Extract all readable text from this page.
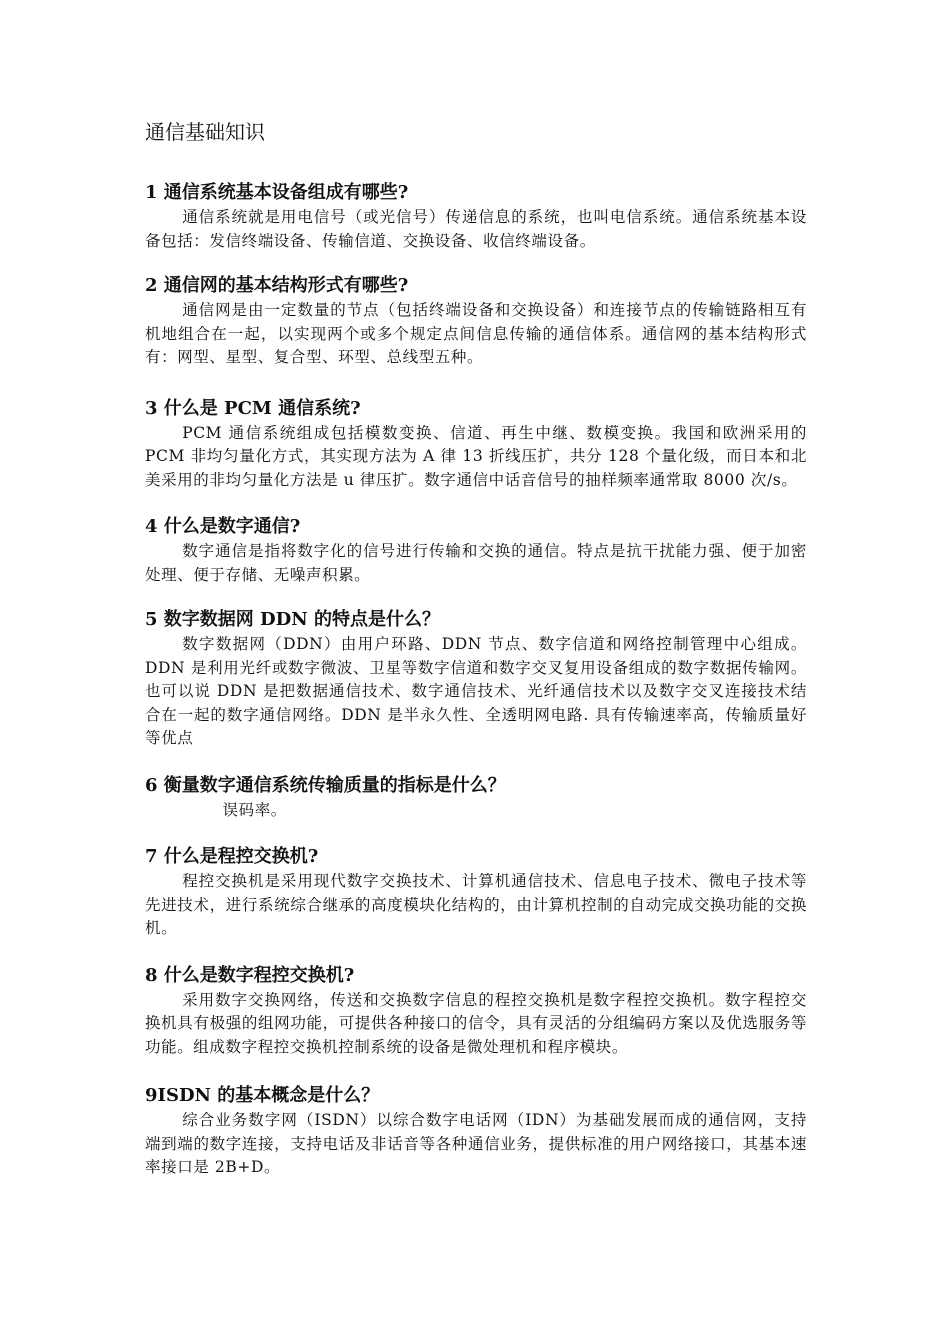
通信基础知识
1 通信系统基本设备组成有哪些?

通信系统就是用电信号（或光信号）传递信息的系统，也叫电信系统。通信系统基本设备包括：发信终端设备、传输信道、交换设备、收信终端设备。

2 通信网的基本结构形式有哪些?

通信网是由一定数量的节点（包括终端设备和交换设备）和连接节点的传输链路相互有机地组合在一起，以实现两个或多个规定点间信息传输的通信体系。通信网的基本结构形式有：网型、星型、复合型、环型、总线型五种。

3 什么是 PCM 通信系统?

PCM 通信系统组成包括模数变换、信道、再生中继、数模变换。我国和欧洲采用的 PCM 非均匀量化方式，其实现方法为 A 律 13 折线压扩，共分 128 个量化级，而日本和北美采用的非均匀量化方法是 u 律压扩。数字通信中话音信号的抽样频率通常取 8000 次/s。

4 什么是数字通信?

数字通信是指将数字化的信号进行传输和交换的通信。特点是抗干扰能力强、便于加密处理、便于存储、无噪声积累。

5 数字数据网 DDN 的特点是什么？

数字数据网（DDN）由用户环路、DDN 节点、数字信道和网络控制管理中心组成。DDN 是利用光纤或数字微波、卫星等数字信道和数字交叉复用设备组成的数字数据传输网。也可以说 DDN 是把数据通信技术、数字通信技术、光纤通信技术以及数字交叉连接技术结合在一起的数字通信网络。DDN 是半永久性、全透明网电路. 具有传输速率高，传输质量好等优点

6 衡量数字通信系统传输质量的指标是什么？

误码率。

7 什么是程控交换机?

程控交换机是采用现代数字交换技术、计算机通信技术、信息电子技术、微电子技术等先进技术，进行系统综合继承的高度模块化结构的，由计算机控制的自动完成交换功能的交换机。

8 什么是数字程控交换机?

采用数字交换网络，传送和交换数字信息的程控交换机是数字程控交换机。数字程控交换机具有极强的组网功能，可提供各种接口的信令，具有灵活的分组编码方案以及优选服务等功能。组成数字程控交换机控制系统的设备是微处理机和程序模块。

9ISDN 的基本概念是什么？

综合业务数字网（ISDN）以综合数字电话网（IDN）为基础发展而成的通信网，支持端到端的数字连接，支持电话及非话音等各种通信业务，提供标准的用户网络接口，其基本速率接口是 2B+D。
